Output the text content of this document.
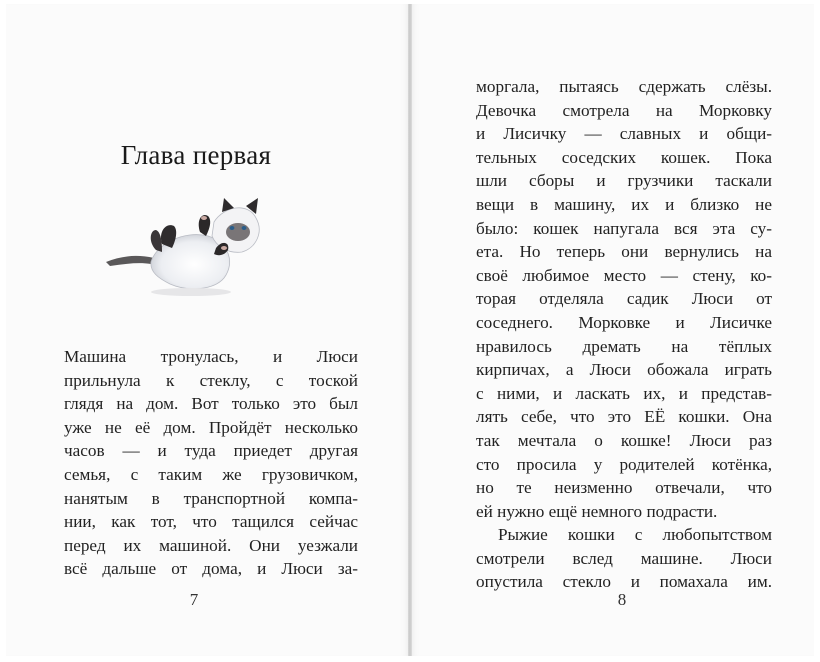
Глава первая
Машина тронулась, и Люси
прильнула к стеклу, с тоской
глядя на дом. Вот только это был
уже не её дом. Пройдёт несколько
часов — и туда приедет другая
семья, с таким же грузовичком,
нанятым в транспортной компа-
нии, как тот, что тащился сейчас
перед их машиной. Они уезжали
всё дальше от дома, и Люси за-
7
моргала, пытаясь сдержать слёзы.
Девочка смотрела на Морковку
и Лисичку — славных и общи-
тельных соседских кошек. Пока
шли сборы и грузчики таскали
вещи в машину, их и близко не
было: кошек напугала вся эта су-
ета. Но теперь они вернулись на
своё любимое место — стену, ко-
торая отделяла садик Люси от
соседнего. Морковке и Лисичке
нравилось дремать на тёплых
кирпичах, а Люси обожала играть
с ними, и ласкать их, и представ-
лять себе, что это ЕЁ кошки. Она
так мечтала о кошке! Люси раз
сто просила у родителей котёнка,
но те неизменно отвечали, что
ей нужно ещё немного подрасти.
Рыжие кошки с любопытством
смотрели вслед машине. Люси
опустила стекло и помахала им.
8
